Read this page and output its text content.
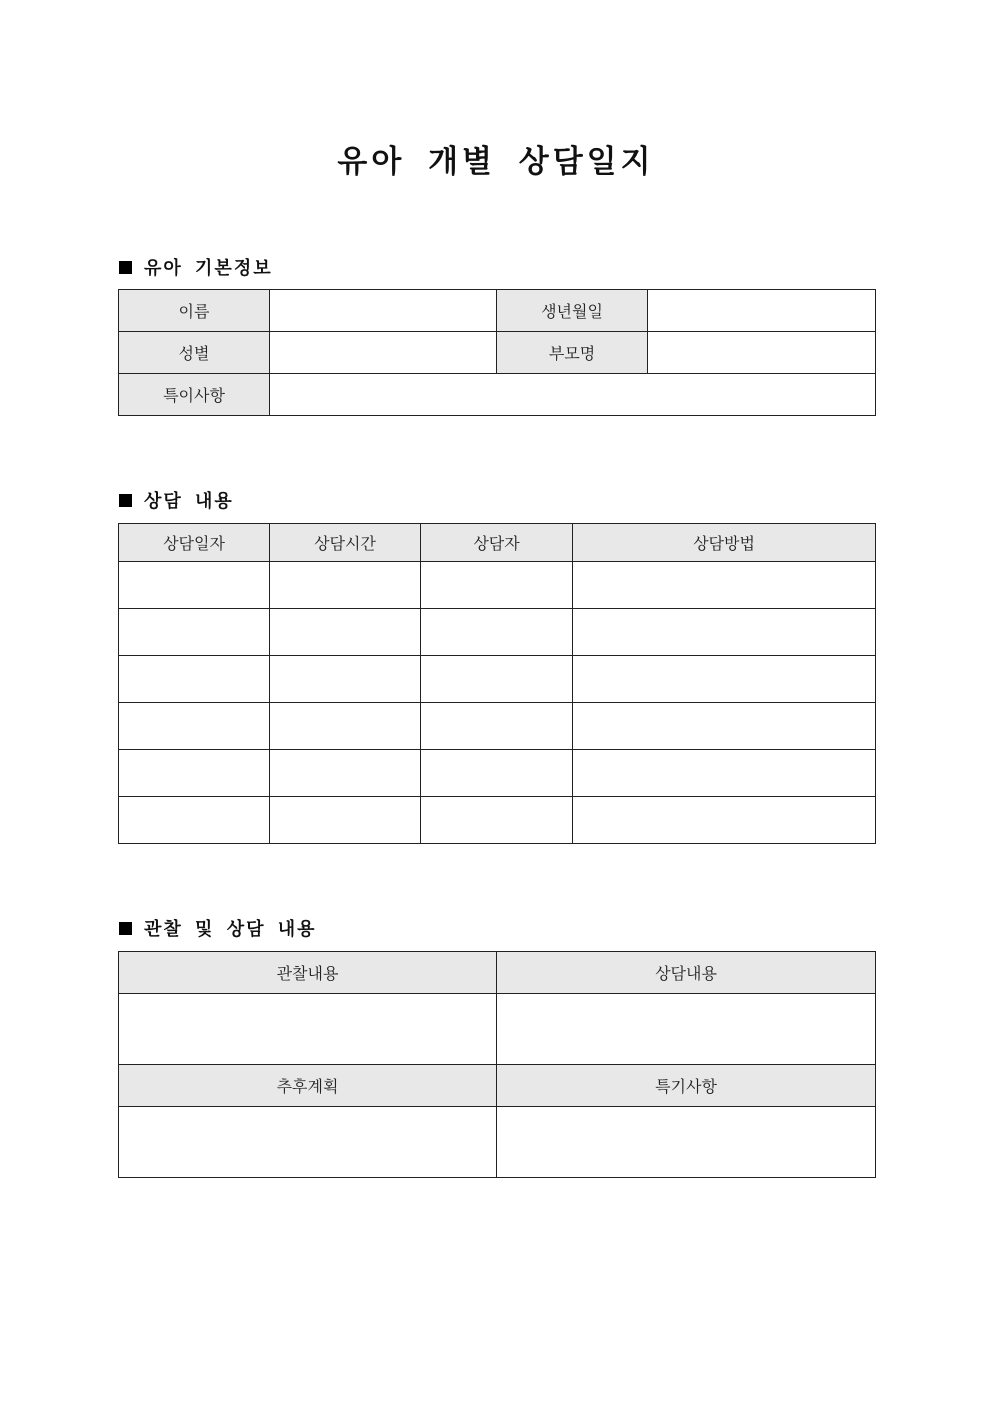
유아 개별 상담일지
유아 기본정보
이름		생년월일	
성별		부모명	
특이사항			
상담 내용
상담일자	상담시간	상담자	상담방법

관찰 및 상담 내용
관찰내용	상담내용

추후계획	특기사항
